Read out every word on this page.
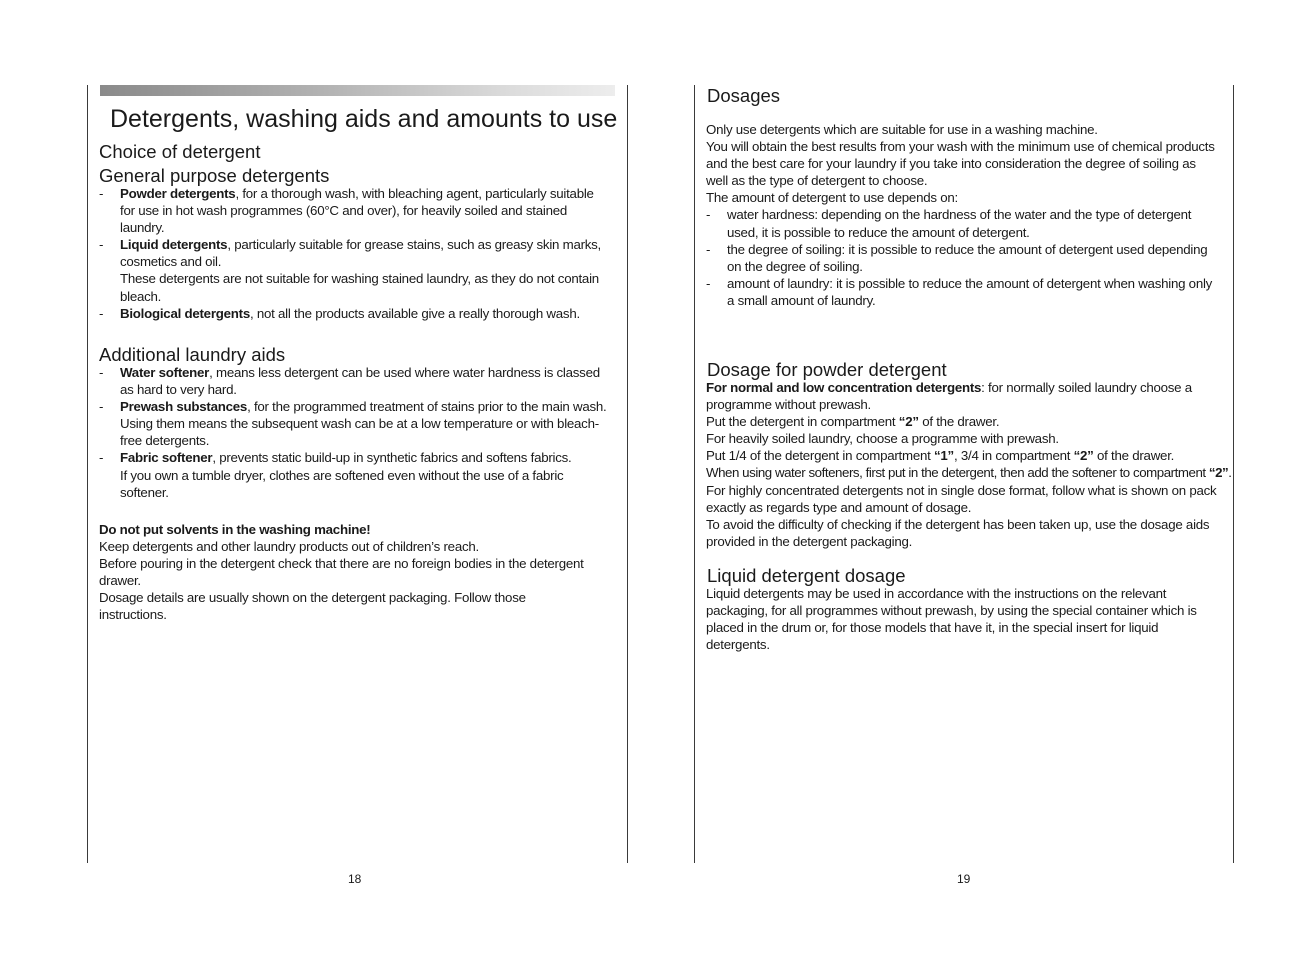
Detergents, washing aids and amounts to use
Choice of detergent
General purpose detergents
- Powder detergents, for a thorough wash, with bleaching agent, particularly suitable for use in hot wash programmes (60°C and over), for heavily soiled and stained laundry.
- Liquid detergents, particularly suitable for grease stains, such as greasy skin marks, cosmetics and oil.

These detergents are not suitable for washing stained laundry, as they do not contain bleach.

- Biological detergents, not all the products available give a really thorough wash.
Additional laundry aids
- Water softener, means less detergent can be used where water hardness is classed as hard to very hard.
- Prewash substances, for the programmed treatment of stains prior to the main wash.

Using them means the subsequent wash can be at a low temperature or with bleach-free detergents.

- Fabric softener, prevents static build-up in synthetic fabrics and softens fabrics.

If you own a tumble dryer, clothes are softened even without the use of a fabric softener.

Do not put solvents in the washing machine!

Keep detergents and other laundry products out of children’s reach.

Before pouring in the detergent check that there are no foreign bodies in the detergent drawer.

Dosage details are usually shown on the detergent packaging. Follow those instructions.

18
Dosages

Only use detergents which are suitable for use in a washing machine.

You will obtain the best results from your wash with the minimum use of chemical products and the best care for your laundry if you take into consideration the degree of soiling as well as the type of detergent to choose.

The amount of detergent to use depends on:

- water hardness: depending on the hardness of the water and the type of detergent used, it is possible to reduce the amount of detergent.
- the degree of soiling: it is possible to reduce the amount of detergent used depending on the degree of soiling.
- amount of laundry: it is possible to reduce the amount of detergent when washing only a small amount of laundry.
Dosage for powder detergent

For normal and low concentration detergents: for normally soiled laundry choose a programme without prewash.

Put the detergent in compartment “2” of the drawer.

For heavily soiled laundry, choose a programme with prewash.

Put 1/4 of the detergent in compartment “1”, 3/4 in compartment “2” of the drawer.

When using water softeners, first put in the detergent, then add the softener to compartment “2”.

For highly concentrated detergents not in single dose format, follow what is shown on pack exactly as regards type and amount of dosage.

To avoid the difficulty of checking if the detergent has been taken up, use the dosage aids provided in the detergent packaging.

Liquid detergent dosage

Liquid detergents may be used in accordance with the instructions on the relevant packaging, for all programmes without prewash, by using the special container which is placed in the drum or, for those models that have it, in the special insert for liquid detergents.

19
